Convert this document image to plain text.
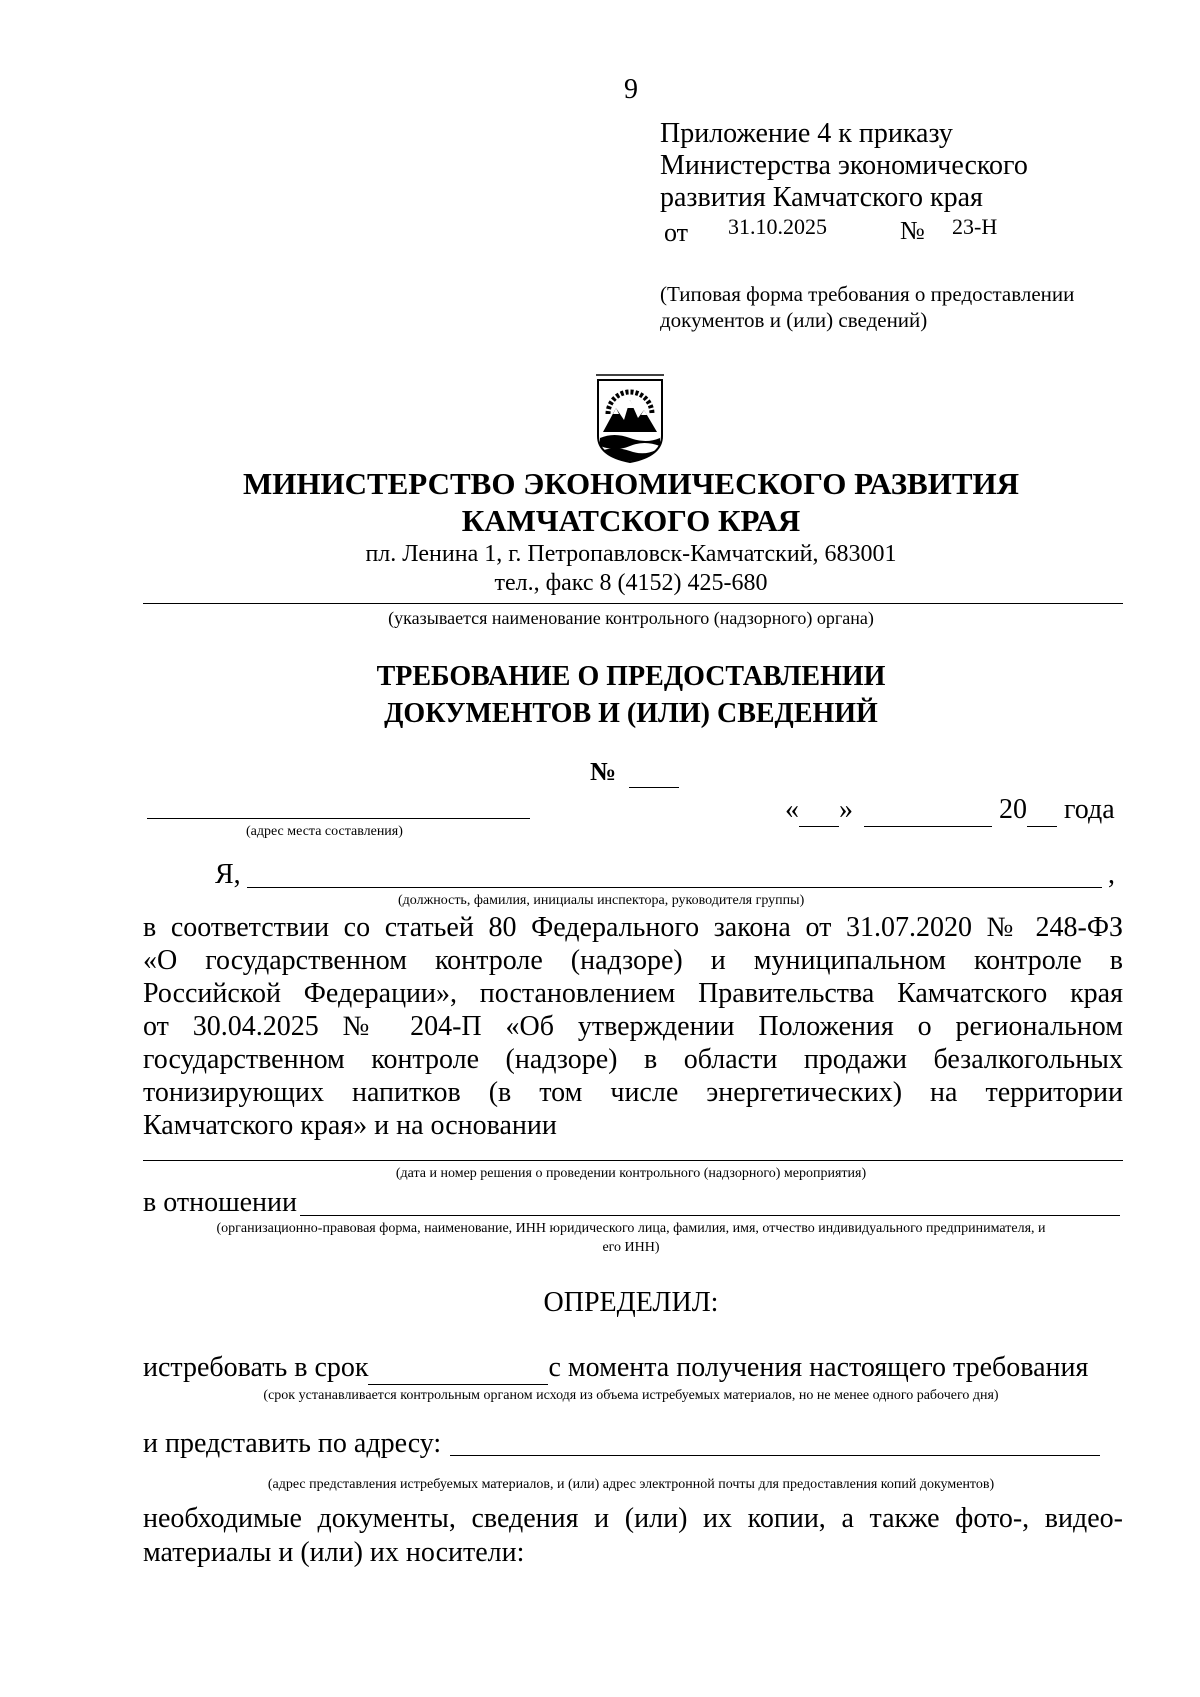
9
Приложение 4 к приказу
Министерства экономического
развития Камчатского края
от 31.10.2025	№ 23-Н
(Типовая форма требования о предоставлении
документов и (или) сведений)
МИНИСТЕРСТВО ЭКОНОМИЧЕСКОГО РАЗВИТИЯ
КАМЧАТСКОГО КРАЯ
пл. Ленина 1, г. Петропавловск-Камчатский, 683001
тел., факс 8 (4152) 425-680
(указывается наименование контрольного (надзорного) органа)
ТРЕБОВАНИЕ О ПРЕДОСТАВЛЕНИИ
ДОКУМЕНТОВ И (ИЛИ) СВЕДЕНИЙ
№
(адрес места составления)
« »	20 года
Я,	,
(должность, фамилия, инициалы инспектора, руководителя группы)
в соответствии со статьей 80 Федерального закона от 31.07.2020 № 248-ФЗ
«О государственном контроле (надзоре) и муниципальном контроле в
Российской Федерации», постановлением Правительства Камчатского края
от 30.04.2025 № 204-П «Об утверждении Положения о региональном
государственном контроле (надзоре) в области продажи безалкогольных
тонизирующих напитков (в том числе энергетических) на территории
Камчатского края» и на основании
(дата и номер решения о проведении контрольного (надзорного) мероприятия)
в отношении
(организационно-правовая форма, наименование, ИНН юридического лица, фамилия, имя, отчество индивидуального предпринимателя, и
его ИНН)
ОПРЕДЕЛИЛ:
истребовать в срок	с момента получения настоящего требования
(срок устанавливается контрольным органом исходя из объема истребуемых материалов, но не менее одного рабочего дня)
и представить по адресу:
(адрес представления истребуемых материалов, и (или) адрес электронной почты для предоставления копий документов)
необходимые документы, сведения и (или) их копии, а также фото-, видео-
материалы и (или) их носители:
